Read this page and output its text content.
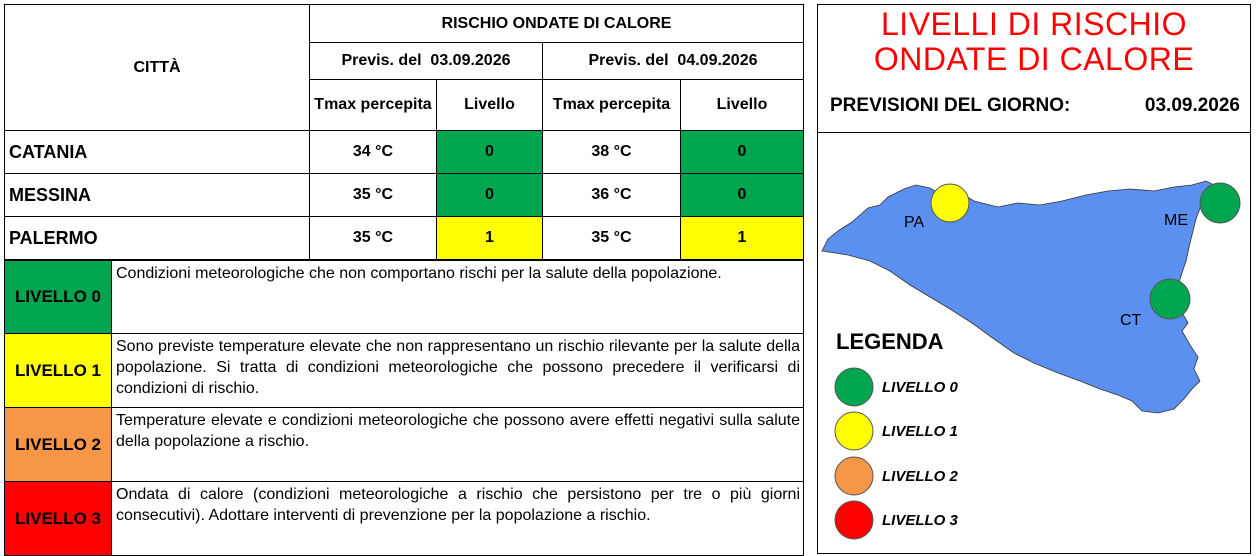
CITTÀ	RISCHIO ONDATE DI CALORE			
	Previs. del  03.09.2026		Previs. del  04.09.2026	
	Tmax percepita	Livello	Tmax percepita	Livello
CATANIA	34 °C	0	38 °C	0
MESSINA	35 °C	0	36 °C	0
PALERMO	35 °C	1	35 °C	1
LIVELLO 0	Condizioni meteorologiche che non comportano rischi per la salute della popolazione.
LIVELLO 1	Sono previste temperature elevate che non rappresentano un rischio rilevante per la salute della popolazione. Si tratta di condizioni meteorologiche che possono precedere il verificarsi di condizioni di rischio.
LIVELLO 2	Temperature elevate e condizioni meteorologiche che possono avere effetti negativi sulla salute della popolazione a rischio.
LIVELLO 3	Ondata di calore (condizioni meteorologiche a rischio che persistono per tre o più giorni consecutivi). Adottare interventi di prevenzione per la popolazione a rischio.
LIVELLI DI RISCHIO
ONDATE DI CALORE
PREVISIONI DEL GIORNO:	03.09.2026
PA	ME
CT
LIVELLO 0
LIVELLO 1
LIVELLO 2
LIVELLO 3
LEGENDA
